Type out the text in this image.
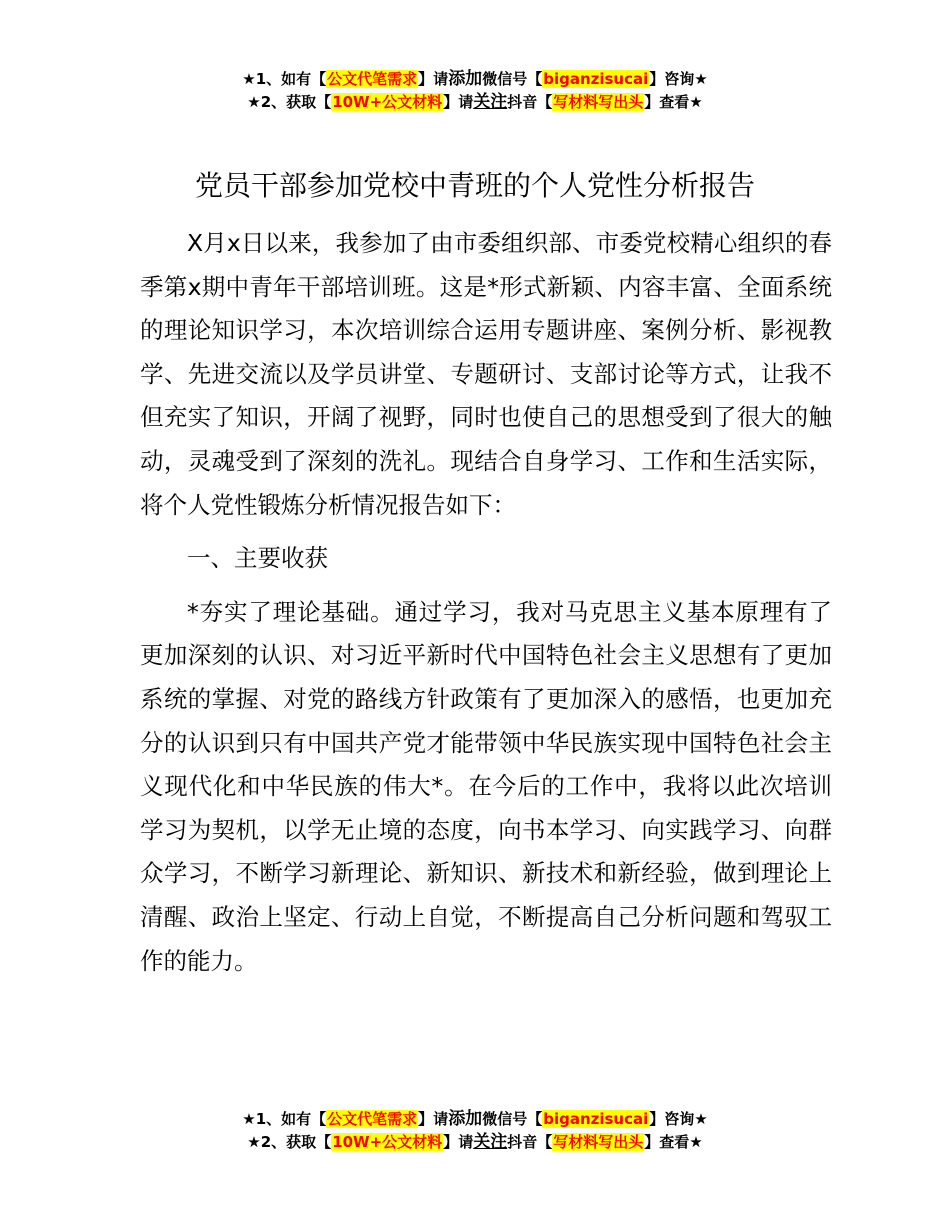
★1、如有【公文代笔需求】请添加微信号【biganzisucai】咨询★
★2、获取【10W+公文材料】请关注抖音【写材料写出头】查看★
党员干部参加党校中青班的个人党性分析报告

X月x日以来，我参加了由市委组织部、市委党校精心组织的春季第x期中青年干部培训班。这是*形式新颖、内容丰富、全面系统的理论知识学习，本次培训综合运用专题讲座、案例分析、影视教学、先进交流以及学员讲堂、专题研讨、支部讨论等方式，让我不但充实了知识，开阔了视野，同时也使自己的思想受到了很大的触动，灵魂受到了深刻的洗礼。现结合自身学习、工作和生活实际，将个人党性锻炼分析情况报告如下：

一、主要收获

*夯实了理论基础。通过学习，我对马克思主义基本原理有了更加深刻的认识、对习近平新时代中国特色社会主义思想有了更加系统的掌握、对党的路线方针政策有了更加深入的感悟，也更加充分的认识到只有中国共产党才能带领中华民族实现中国特色社会主义现代化和中华民族的伟大*。在今后的工作中，我将以此次培训学习为契机，以学无止境的态度，向书本学习、向实践学习、向群众学习，不断学习新理论、新知识、新技术和新经验，做到理论上清醒、政治上坚定、行动上自觉，不断提高自己分析问题和驾驭工作的能力。

★1、如有【公文代笔需求】请添加微信号【biganzisucai】咨询★
★2、获取【10W+公文材料】请关注抖音【写材料写出头】查看★
